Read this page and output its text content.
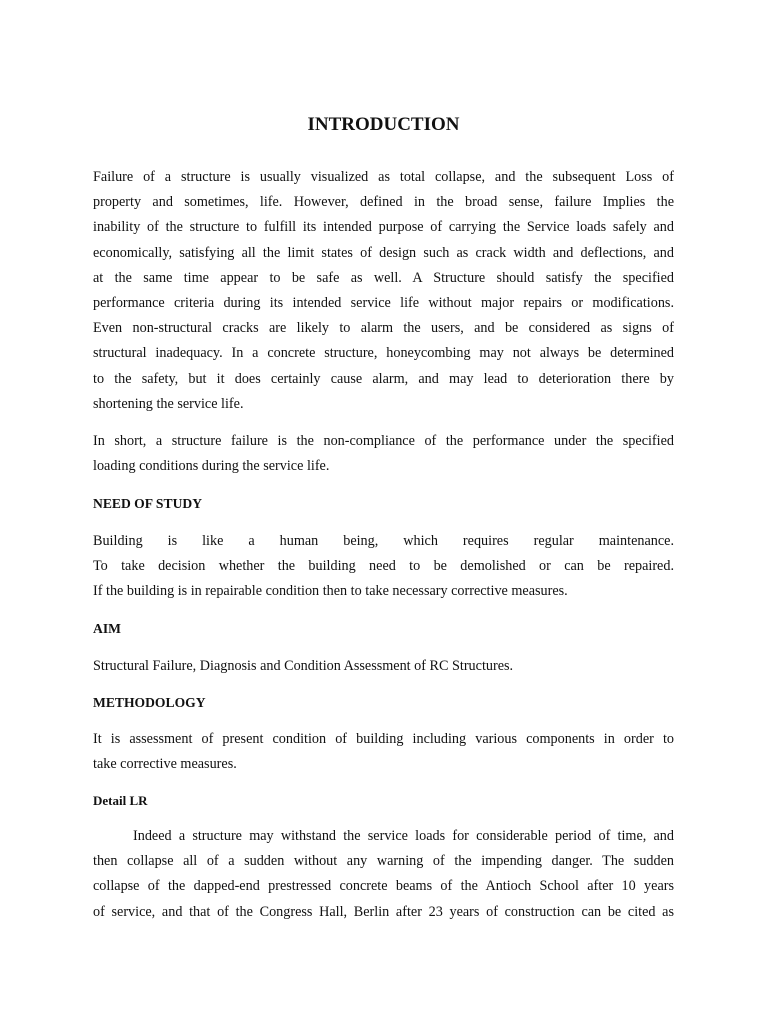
INTRODUCTION
Failure of a structure is usually visualized as total collapse, and the subsequent Loss of
property and sometimes, life. However, defined in the broad sense, failure Implies the
inability of the structure to fulfill its intended purpose of carrying the Service loads safely and
economically, satisfying all the limit states of design such as crack width and deflections, and
at the same time appear to be safe as well. A Structure should satisfy the specified
performance criteria during its intended service life without major repairs or modifications.
Even non-structural cracks are likely to alarm the users, and be considered as signs of
structural inadequacy. In a concrete structure, honeycombing may not always be determined
to the safety, but it does certainly cause alarm, and may lead to deterioration there by
shortening the service life.
In short, a structure failure is the non-compliance of the performance under the specified
loading conditions during the service life.
NEED OF STUDY
Building is like a human being, which requires regular maintenance.
To take decision whether the building need to be demolished or can be repaired.
If the building is in repairable condition then to take necessary corrective measures.
AIM
Structural Failure, Diagnosis and Condition Assessment of RC Structures.
METHODOLOGY
It is assessment of present condition of building including various components in order to
take corrective measures.
Detail LR
Indeed a structure may withstand the service loads for considerable period of time, and
then collapse all of a sudden without any warning of the impending danger. The sudden
collapse of the dapped-end prestressed concrete beams of the Antioch School after 10 years
of service, and that of the Congress Hall, Berlin after 23 years of construction can be cited as
